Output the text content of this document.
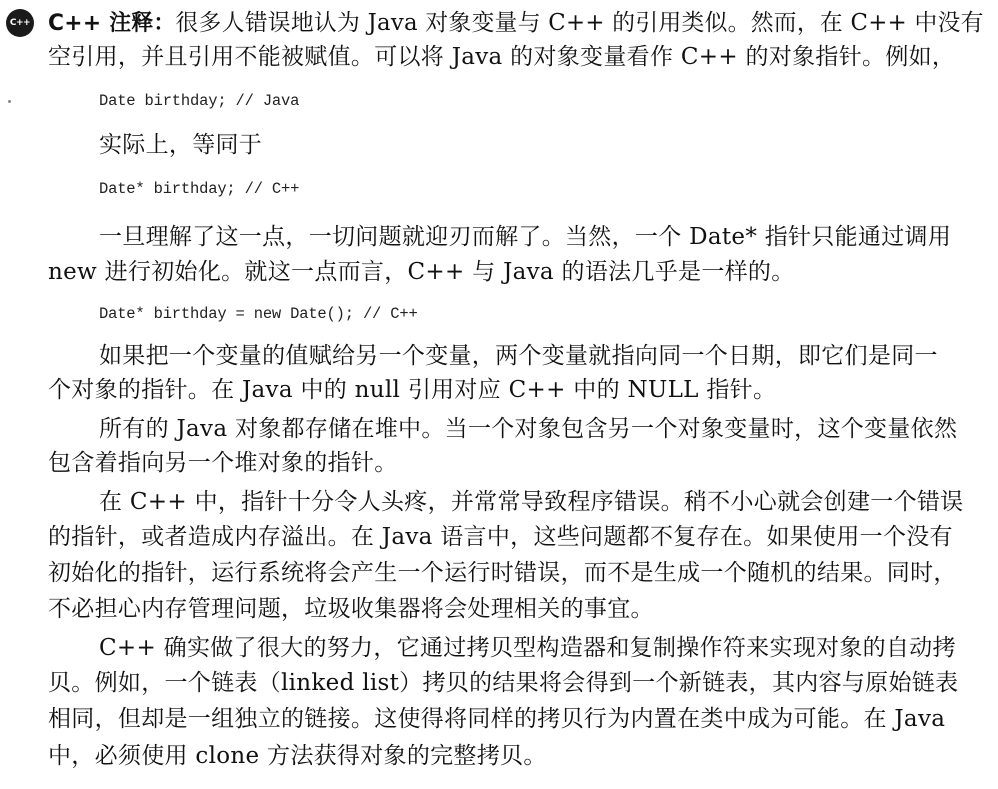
C++ C++ 注释：很多人错误地认为 Java 对象变量与 C++ 的引用类似。然而，在 C++ 中没有

空引用，并且引用不能被赋值。可以将 Java 的对象变量看作 C++ 的对象指针。例如，

Date birthday; // Java

实际上，等同于

Date* birthday; // C++

一旦理解了这一点，一切问题就迎刃而解了。当然，一个 Date* 指针只能通过调用

new 进行初始化。就这一点而言，C++ 与 Java 的语法几乎是一样的。

Date* birthday = new Date(); // C++

如果把一个变量的值赋给另一个变量，两个变量就指向同一个日期，即它们是同一

个对象的指针。在 Java 中的 null 引用对应 C++ 中的 NULL 指针。

所有的 Java 对象都存储在堆中。当一个对象包含另一个对象变量时，这个变量依然

包含着指向另一个堆对象的指针。

在 C++ 中，指针十分令人头疼，并常常导致程序错误。稍不小心就会创建一个错误

的指针，或者造成内存溢出。在 Java 语言中，这些问题都不复存在。如果使用一个没有

初始化的指针，运行系统将会产生一个运行时错误，而不是生成一个随机的结果。同时，

不必担心内存管理问题，垃圾收集器将会处理相关的事宜。

C++ 确实做了很大的努力，它通过拷贝型构造器和复制操作符来实现对象的自动拷

贝。例如，一个链表（linked list）拷贝的结果将会得到一个新链表，其内容与原始链表

相同，但却是一组独立的链接。这使得将同样的拷贝行为内置在类中成为可能。在 Java

中，必须使用 clone 方法获得对象的完整拷贝。
